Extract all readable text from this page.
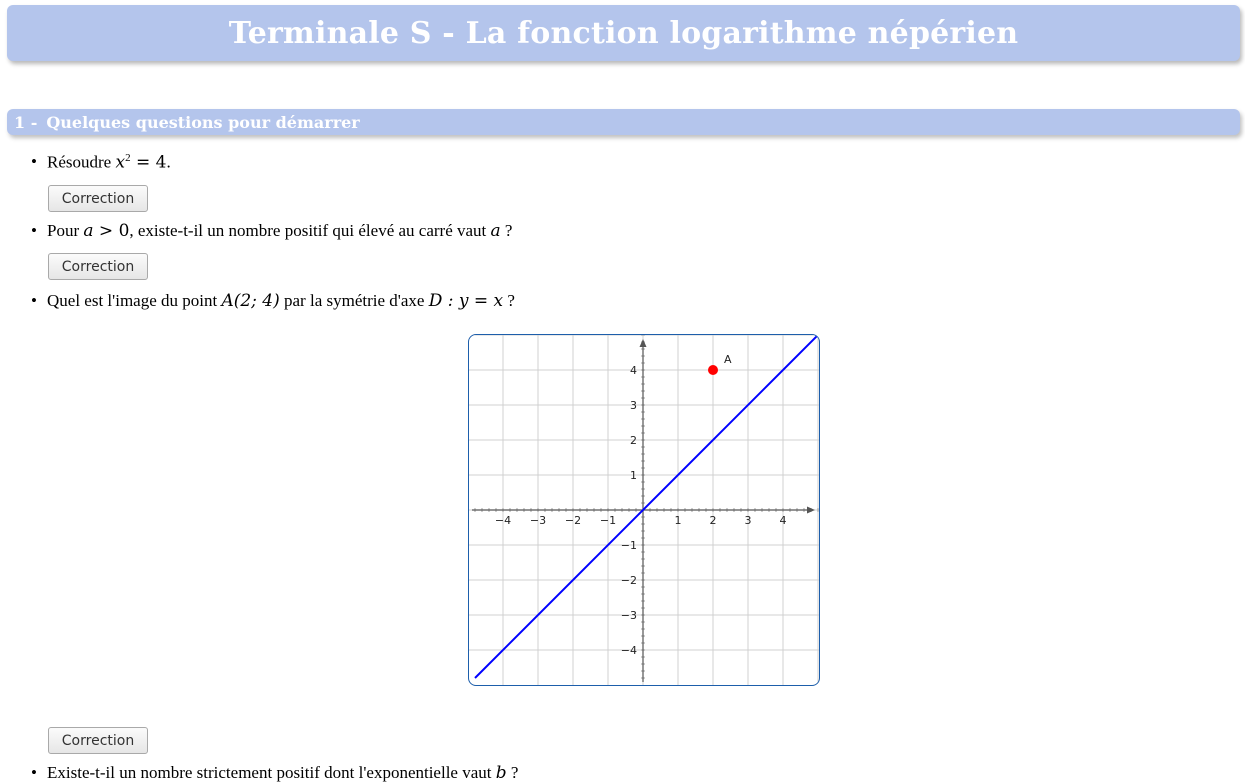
Terminale S - La fonction logarithme népérien
1 - Quelques questions pour démarrer
• Résoudre $x^2 = 4$.
Correction
• Pour a > 0, existe-t-il un nombre positif qui élevé au carré vaut a ?
Correction
• Quel est l'image du point A(2; 4) par la symétrie d'axe D : y = x ?
−4 −3 −2 −1	1	2	3	4
−4
−3
−2
−1
1
2
3
4
A
Correction
• Existe-t-il un nombre strictement positif dont l'exponentielle vaut b ?
